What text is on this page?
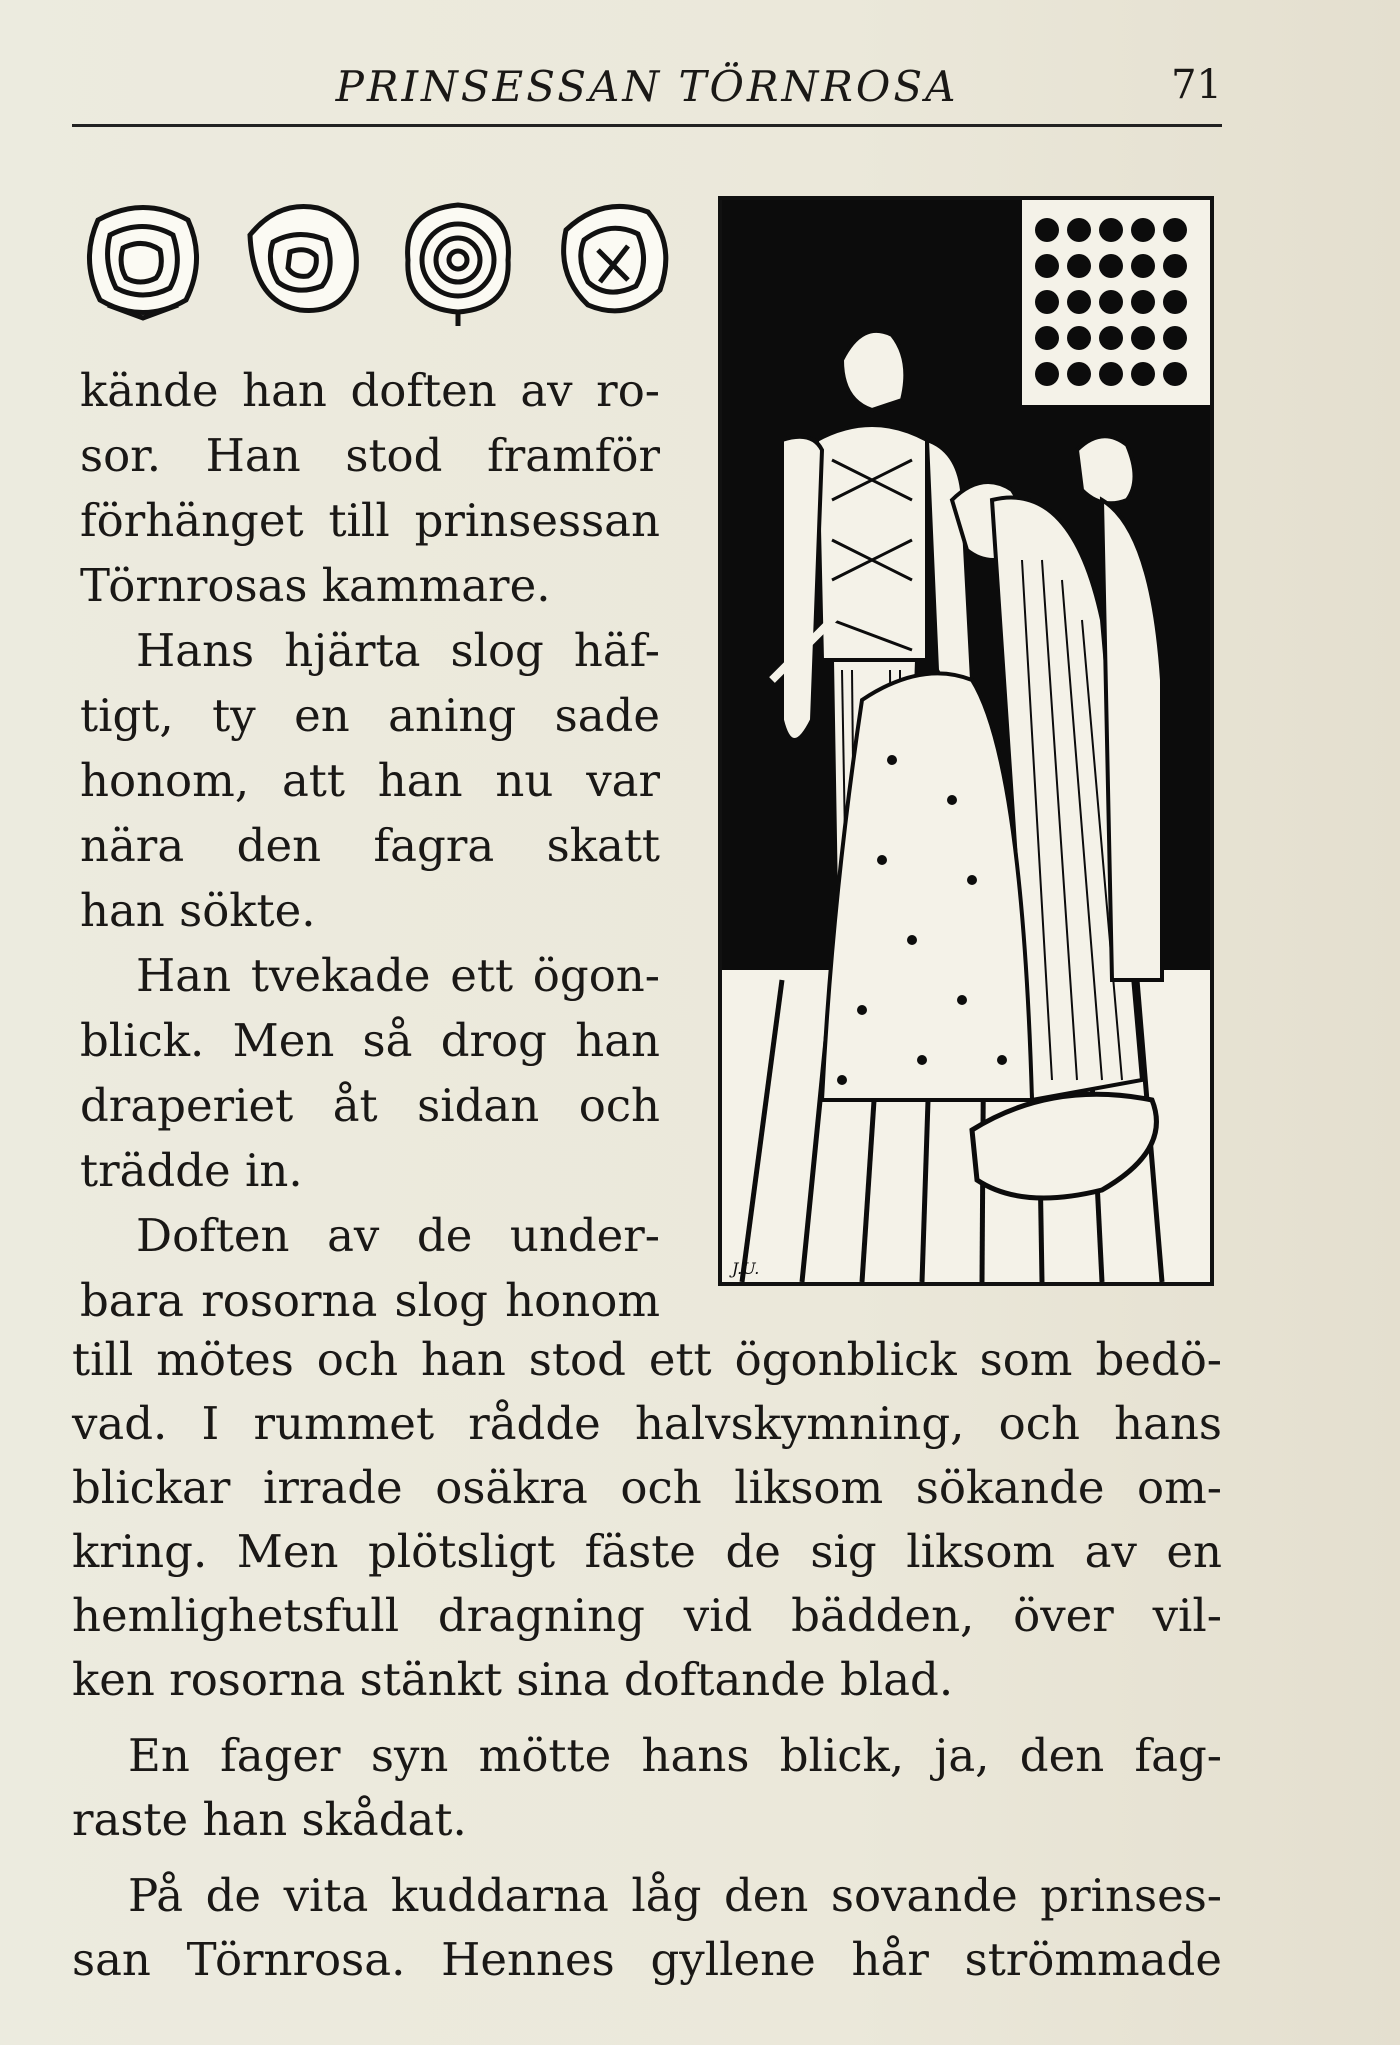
PRINSESSAN TÖRNROSA	71
J.U.
kände han doften av ro-
sor. Han stod framför
förhänget till prinsessan
Törnrosas kammare.
Hans hjärta slog häf-
tigt, ty en aning sade
honom, att han nu var
nära den fagra skatt
han sökte.
Han tvekade ett ögon-
blick. Men så drog han
draperiet åt sidan och
trädde in.
Doften av de under-
bara rosorna slog honom
till mötes och han stod ett ögonblick som bedö-
vad. I rummet rådde halvskymning, och hans
blickar irrade osäkra och liksom sökande om-
kring. Men plötsligt fäste de sig liksom av en
hemlighetsfull dragning vid bädden, över vil-
ken rosorna stänkt sina doftande blad.
En fager syn mötte hans blick, ja, den fag-
raste han skådat.
På de vita kuddarna låg den sovande prinses-
san Törnrosa. Hennes gyllene hår strömmade
